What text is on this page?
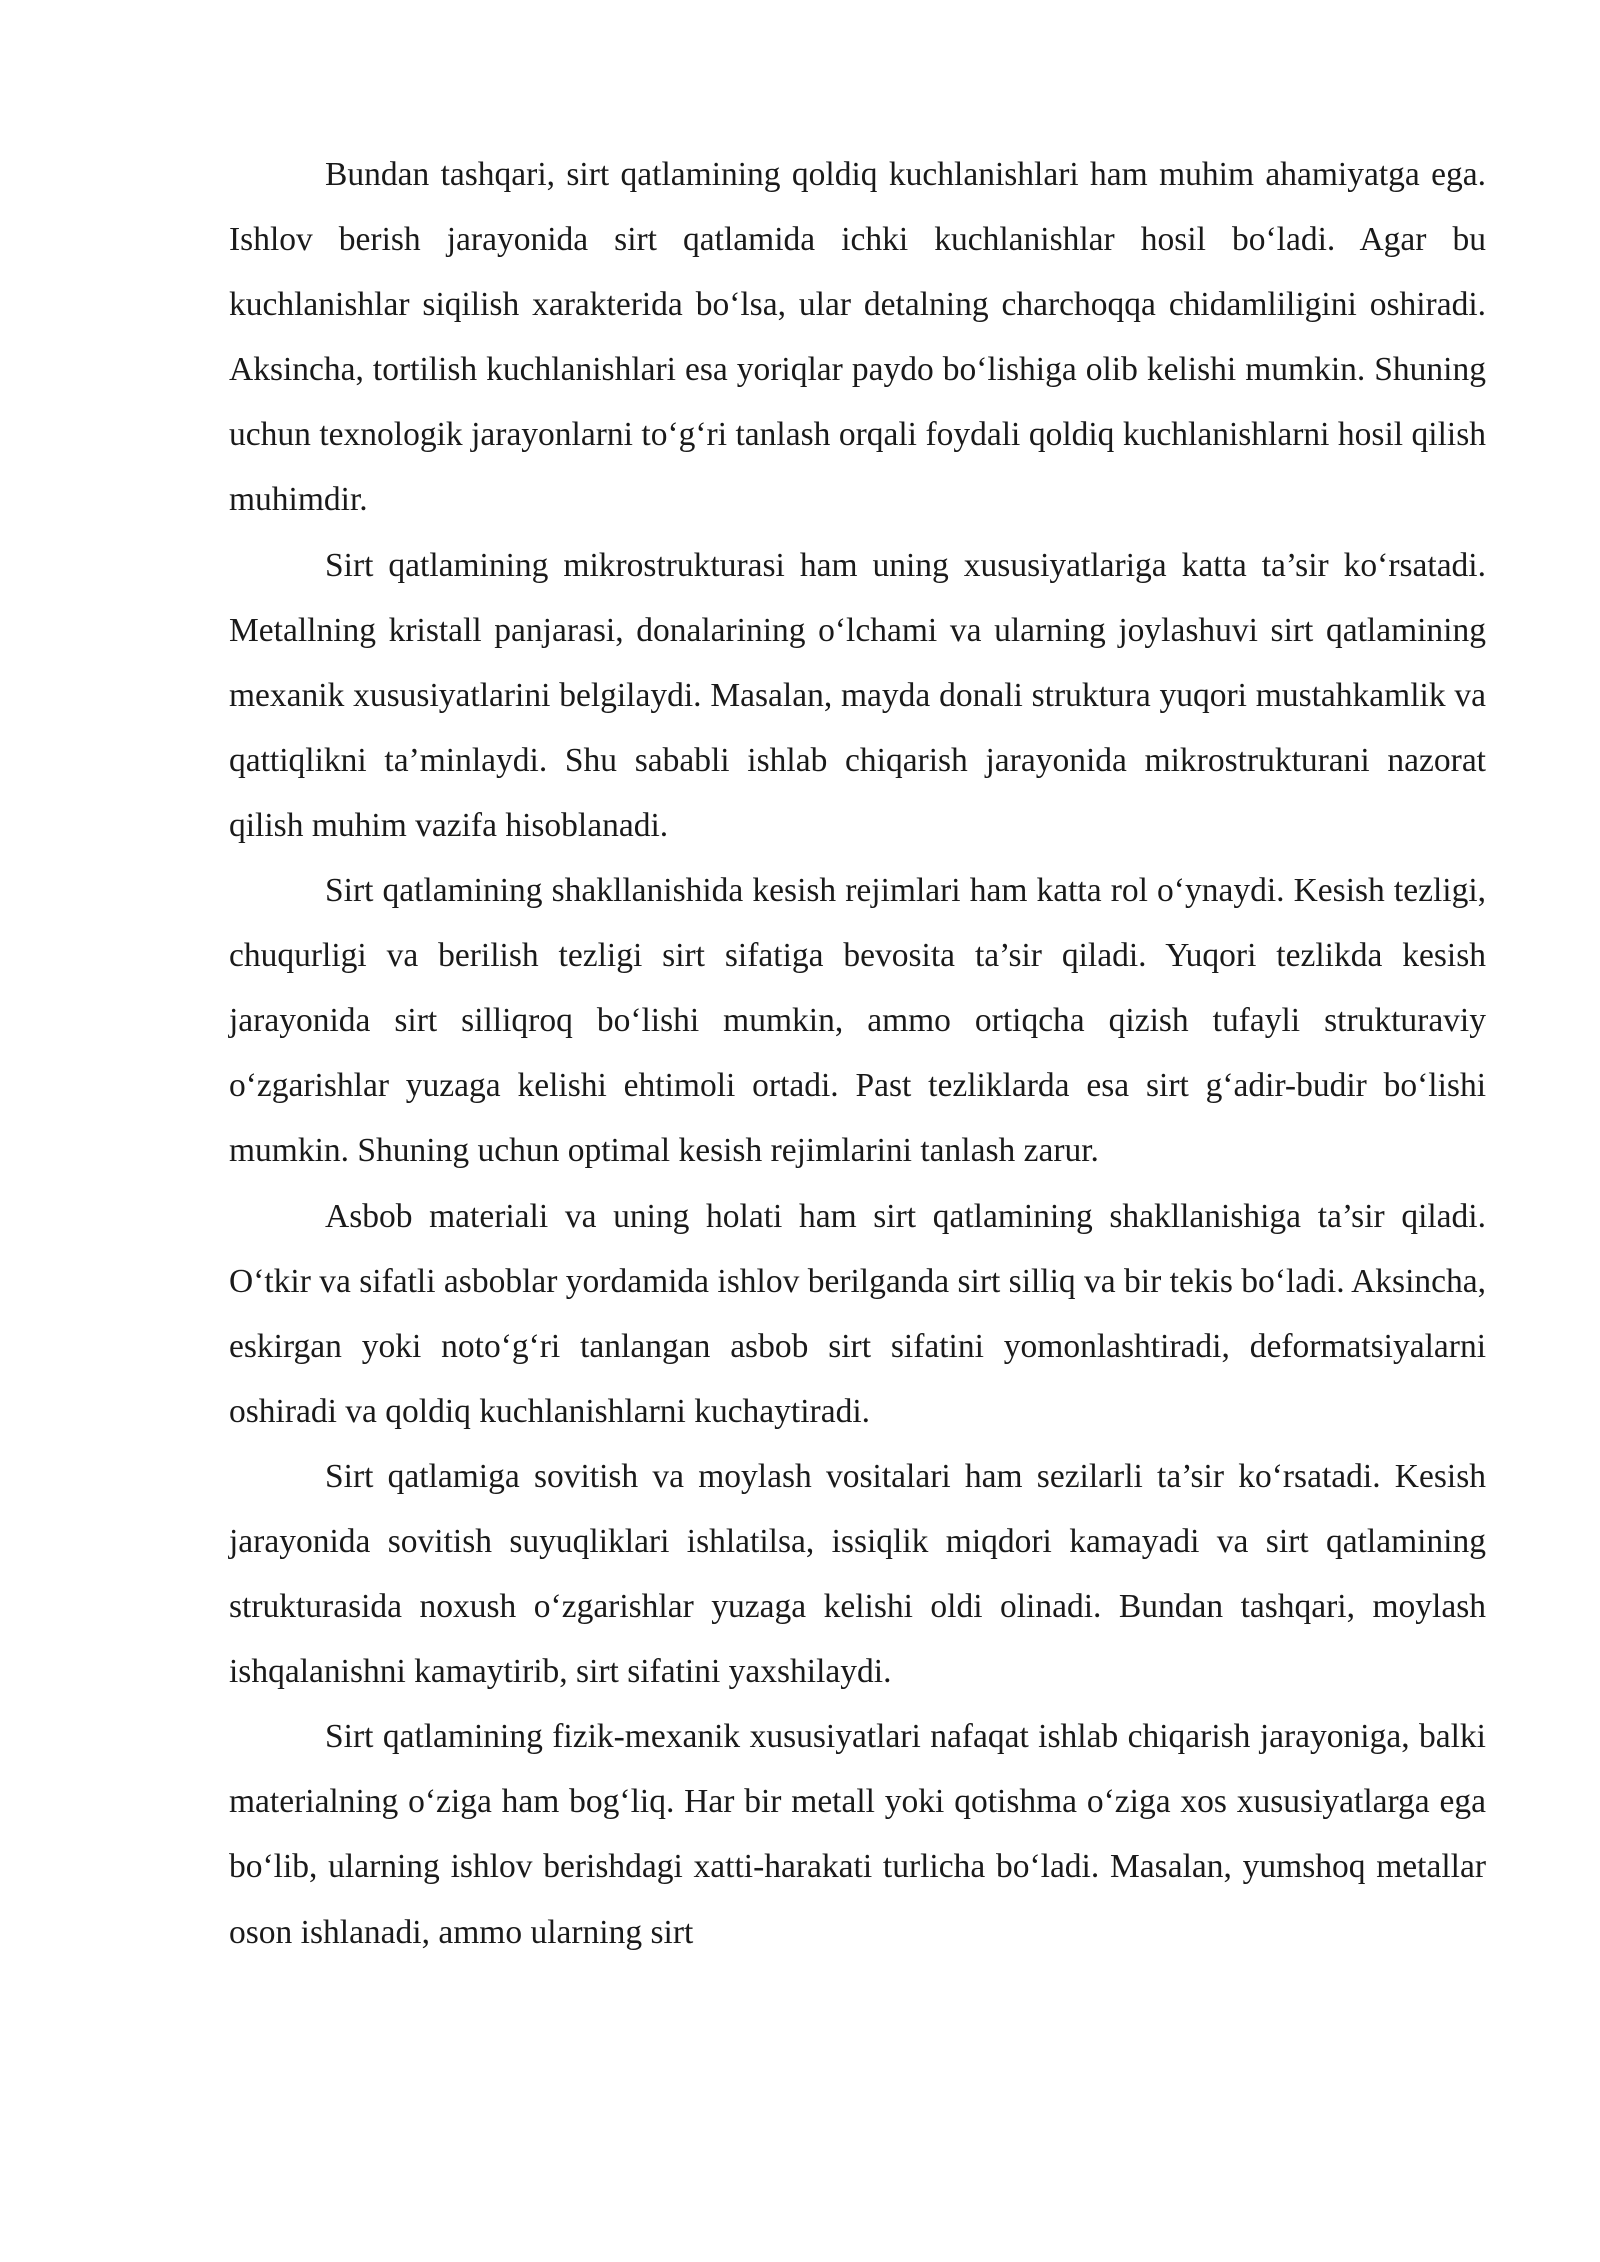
Bundan tashqari, sirt qatlamining qoldiq kuchlanishlari ham muhim ahamiyatga ega. Ishlov berish jarayonida sirt qatlamida ichki kuchlanishlar hosil bo‘ladi. Agar bu kuchlanishlar siqilish xarakterida bo‘lsa, ular detalning charchoqqa chidamliligini oshiradi. Aksincha, tortilish kuchlanishlari esa yoriqlar paydo bo‘lishiga olib kelishi mumkin. Shuning uchun texnologik jarayonlarni to‘g‘ri tanlash orqali foydali qoldiq kuchlanishlarni hosil qilish muhimdir.

Sirt qatlamining mikrostrukturasi ham uning xususiyatlariga katta ta’sir ko‘rsatadi. Metallning kristall panjarasi, donalarining o‘lchami va ularning joylashuvi sirt qatlamining mexanik xususiyatlarini belgilaydi. Masalan, mayda donali struktura yuqori mustahkamlik va qattiqlikni ta’minlaydi. Shu sababli ishlab chiqarish jarayonida mikrostrukturani nazorat qilish muhim vazifa hisoblanadi.

Sirt qatlamining shakllanishida kesish rejimlari ham katta rol o‘ynaydi. Kesish tezligi, chuqurligi va berilish tezligi sirt sifatiga bevosita ta’sir qiladi. Yuqori tezlikda kesish jarayonida sirt silliqroq bo‘lishi mumkin, ammo ortiqcha qizish tufayli strukturaviy o‘zgarishlar yuzaga kelishi ehtimoli ortadi. Past tezliklarda esa sirt g‘adir-budir bo‘lishi mumkin. Shuning uchun optimal kesish rejimlarini tanlash zarur.

Asbob materiali va uning holati ham sirt qatlamining shakllanishiga ta’sir qiladi. O‘tkir va sifatli asboblar yordamida ishlov berilganda sirt silliq va bir tekis bo‘ladi. Aksincha, eskirgan yoki noto‘g‘ri tanlangan asbob sirt sifatini yomonlashtiradi, deformatsiyalarni oshiradi va qoldiq kuchlanishlarni kuchaytiradi.

Sirt qatlamiga sovitish va moylash vositalari ham sezilarli ta’sir ko‘rsatadi. Kesish jarayonida sovitish suyuqliklari ishlatilsa, issiqlik miqdori kamayadi va sirt qatlamining strukturasida noxush o‘zgarishlar yuzaga kelishi oldi olinadi. Bundan tashqari, moylash ishqalanishni kamaytirib, sirt sifatini yaxshilaydi.

Sirt qatlamining fizik-mexanik xususiyatlari nafaqat ishlab chiqarish jarayoniga, balki materialning o‘ziga ham bog‘liq. Har bir metall yoki qotishma o‘ziga xos xususiyatlarga ega bo‘lib, ularning ishlov berishdagi xatti-harakati turlicha bo‘ladi. Masalan, yumshoq metallar oson ishlanadi, ammo ularning sirt
